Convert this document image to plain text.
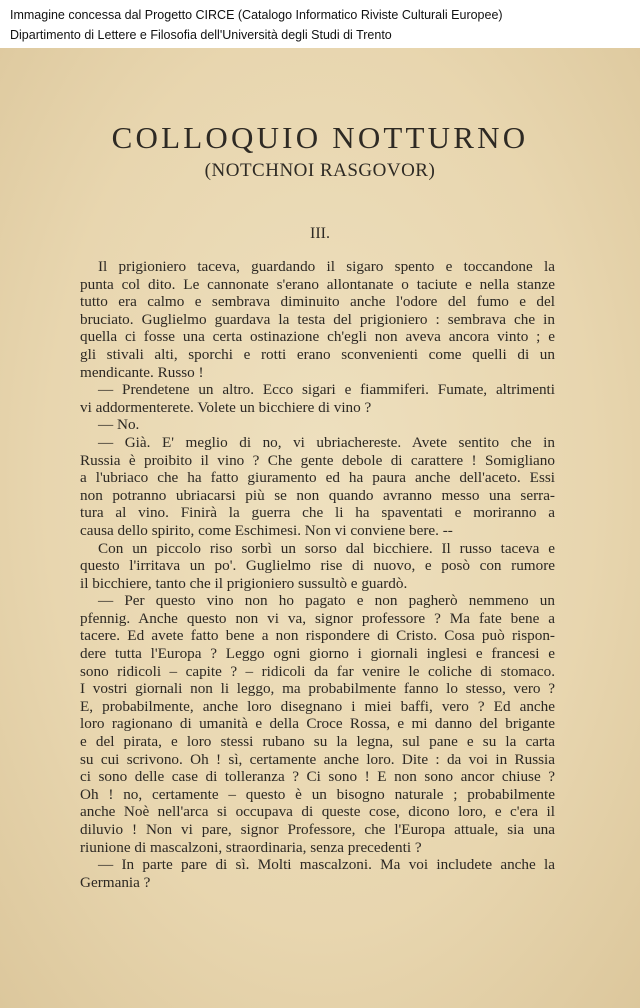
Immagine concessa dal Progetto CIRCE (Catalogo Informatico Riviste Culturali Europee)
Dipartimento di Lettere e Filosofia dell'Università degli Studi di Trento
COLLOQUIO NOTTURNO
(NOTCHNOI RASGOVOR)
III.
Il prigioniero taceva, guardando il sigaro spento e toccandone la
punta col dito. Le cannonate s'erano allontanate o taciute e nella stanze
tutto era calmo e sembrava diminuito anche l'odore del fumo e del
bruciato. Guglielmo guardava la testa del prigioniero : sembrava che in
quella ci fosse una certa ostinazione ch'egli non aveva ancora vinto ; e
gli stivali alti, sporchi e rotti erano sconvenienti come quelli di un
mendicante. Russo !
— Prendetene un altro. Ecco sigari e fiammiferi. Fumate, altrimenti
vi addormenterete. Volete un bicchiere di vino ?
— No.
— Già. E' meglio di no, vi ubriachereste. Avete sentito che in
Russia è proibito il vino ? Che gente debole di carattere ! Somigliano
a l'ubriaco che ha fatto giuramento ed ha paura anche dell'aceto. Essi
non potranno ubriacarsi più se non quando avranno messo una serra-
tura al vino. Finirà la guerra che li ha spaventati e moriranno a
causa dello spirito, come Eschimesi. Non vi conviene bere. --
Con un piccolo riso sorbì un sorso dal bicchiere. Il russo taceva e
questo l'irritava un po'. Guglielmo rise di nuovo, e posò con rumore
il bicchiere, tanto che il prigioniero sussultò e guardò.
— Per questo vino non ho pagato e non pagherò nemmeno un
pfennig. Anche questo non vi va, signor professore ? Ma fate bene a
tacere. Ed avete fatto bene a non rispondere di Cristo. Cosa può rispon-
dere tutta l'Europa ? Leggo ogni giorno i giornali inglesi e francesi e
sono ridicoli – capite ? – ridicoli da far venire le coliche di stomaco.
I vostri giornali non li leggo, ma probabilmente fanno lo stesso, vero ?
E, probabilmente, anche loro disegnano i miei baffi, vero ? Ed anche
loro ragionano di umanità e della Croce Rossa, e mi danno del brigante
e del pirata, e loro stessi rubano su la legna, sul pane e su la carta
su cui scrivono. Oh ! sì, certamente anche loro. Dite : da voi in Russia
ci sono delle case di tolleranza ? Ci sono ! E non sono ancor chiuse ?
Oh ! no, certamente – questo è un bisogno naturale ; probabilmente
anche Noè nell'arca si occupava di queste cose, dicono loro, e c'era il
diluvio ! Non vi pare, signor Professore, che l'Europa attuale, sia una
riunione di mascalzoni, straordinaria, senza precedenti ?
— In parte pare di sì. Molti mascalzoni. Ma voi includete anche la
Germania ?
